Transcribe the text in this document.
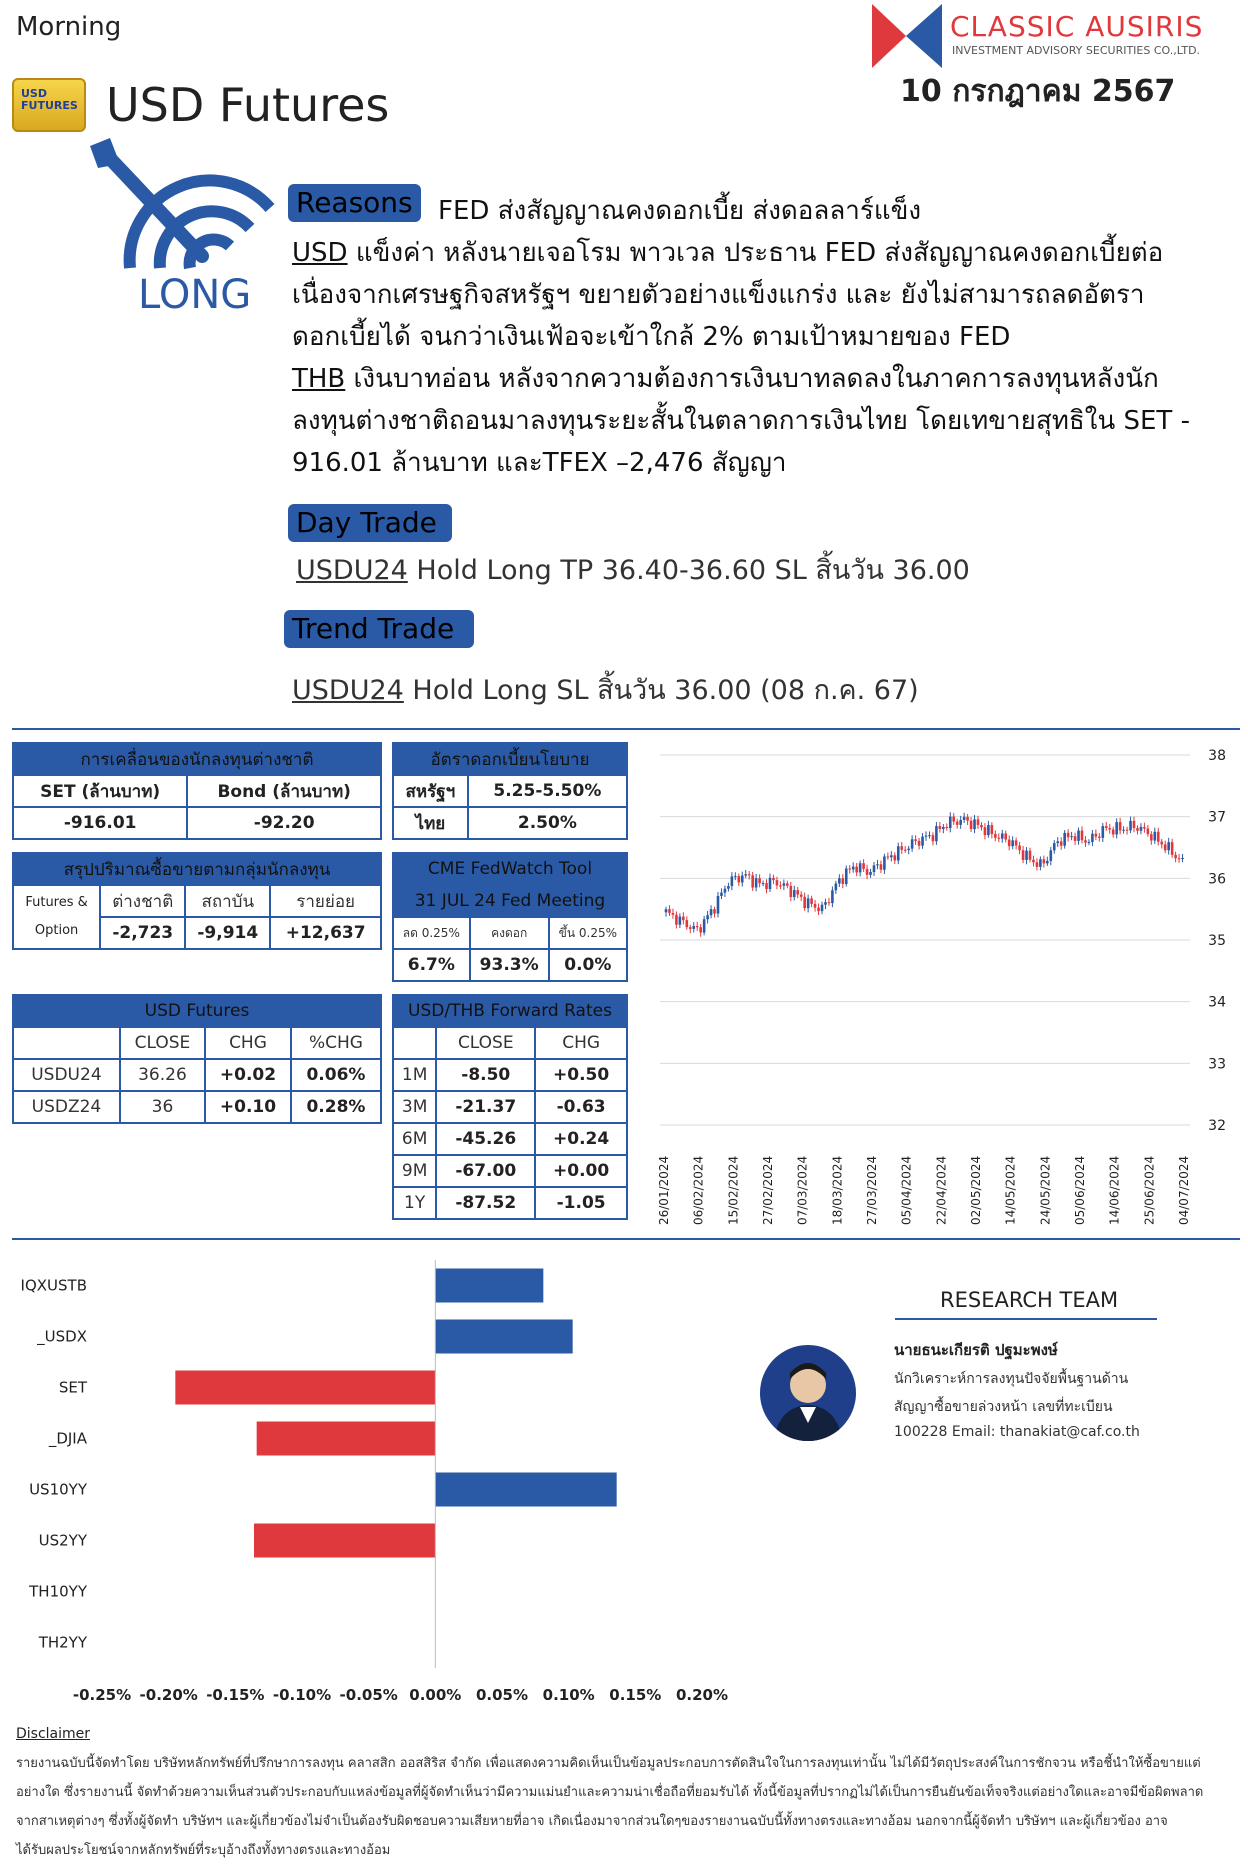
Morning
USD FUTURES USD Futures
CLASSIC AUSIRIS
INVESTMENT ADVISORY SECURITIES CO.,LTD.
10 กรกฎาคม 2567
LONG
Reasons FED ส่งสัญญาณคงดอกเบี้ย ส่งดอลลาร์แข็ง
USD แข็งค่า หลังนายเจอโรม พาวเวล ประธาน FED ส่งสัญญาณคงดอกเบี้ยต่อ
เนื่องจากเศรษฐกิจสหรัฐฯ ขยายตัวอย่างแข็งแกร่ง และ ยังไม่สามารถลดอัตรา
ดอกเบี้ยได้ จนกว่าเงินเฟ้อจะเข้าใกล้ 2% ตามเป้าหมายของ FED
THB เงินบาทอ่อน หลังจากความต้องการเงินบาทลดลงในภาคการลงทุนหลังนัก
ลงทุนต่างชาติถอนมาลงทุนระยะสั้นในตลาดการเงินไทย โดยเทขายสุทธิใน SET -
916.01 ล้านบาท และTFEX –2,476 สัญญา
Day Trade
USDU24 Hold Long TP 36.40-36.60 SL สิ้นวัน 36.00
Trend Trade
USDU24 Hold Long SL สิ้นวัน 36.00 (08 ก.ค. 67)
การเคลื่อนของนักลงทุนต่างชาติ	
SET (ล้านบาท)	Bond (ล้านบาท)
-916.01	-92.20
อัตราดอกเบี้ยนโยบาย	
สหรัฐฯ	5.25-5.50%
ไทย	2.50%
สรุปปริมาณซื้อขายตามกลุ่มนักลงทุน			

Futures &
Option	ต่างชาติ	สถาบัน	รายย่อย
	-2,723	-9,914	+12,637
CME FedWatch Tool		
31 JUL 24 Fed Meeting		
ลด 0.25%	คงดอก	ขึ้น 0.25%
6.7%	93.3%	0.0%
USD Futures			
	CLOSE	CHG	%CHG
USDU24	36.26	+0.02	0.06%
USDZ24	36	+0.10	0.28%
USD/THB Forward Rates		
	CLOSE	CHG
1M	-8.50	+0.50
3M	-21.37	-0.63
6M	-45.26	+0.24
9M	-67.00	+0.00
1Y	-87.52	-1.05
38
37
36
35
34
33
32
26/01/2024 06/02/2024 15/02/2024 27/02/2024 07/03/2024 18/03/2024 27/03/2024 05/04/2024 22/04/2024 02/05/2024 14/05/2024 24/05/2024 05/06/2024 14/06/2024 25/06/2024 04/07/2024
IQXUSTB
_USDX
SET
_DJIA
US10YY
US2YY
TH10YY
TH2YY
-0.25% -0.20% -0.15% -0.10% -0.05% 0.00% 0.05% 0.10% 0.15% 0.20%
RESEARCH TEAM
นายธนะเกียรติ ปฐมะพงษ์
นักวิเคราะห์การลงทุนปัจจัยพื้นฐานด้าน
สัญญาซื้อขายล่วงหน้า เลขที่ทะเบียน
100228 Email: thanakiat@caf.co.th
Disclaimer
รายงานฉบับนี้จัดทำโดย บริษัทหลักทรัพย์ที่ปรึกษาการลงทุน คลาสสิก ออสสิริส จำกัด เพื่อแสดงความคิดเห็นเป็นข้อมูลประกอบการตัดสินใจในการลงทุนเท่านั้น ไม่ได้มีวัตถุประสงค์ในการชักจวน หรือชี้นำให้ซื้อขายแต่
อย่างใด ซึ่งรายงานนี้ จัดทำด้วยความเห็นส่วนตัวประกอบกับแหล่งข้อมูลที่ผู้จัดทำเห็นว่ามีความแม่นยำและความน่าเชื่อถือที่ยอมรับได้ ทั้งนี้ข้อมูลที่ปรากฏไม่ได้เป็นการยืนยันข้อเท็จจริงแต่อย่างใดและอาจมีข้อผิดพลาด
จากสาเหตุต่างๆ ซึ่งทั้งผู้จัดทำ บริษัทฯ และผู้เกี่ยวข้องไม่จำเป็นต้องรับผิดชอบความเสียหายที่อาจ เกิดเนื่องมาจากส่วนใดๆของรายงานฉบับนี้ทั้งทางตรงและทางอ้อม นอกจากนี้ผู้จัดทำ บริษัทฯ และผู้เกี่ยวข้อง อาจ
ได้รับผลประโยชน์จากหลักทรัพย์ที่ระบุอ้างถึงทั้งทางตรงและทางอ้อม
